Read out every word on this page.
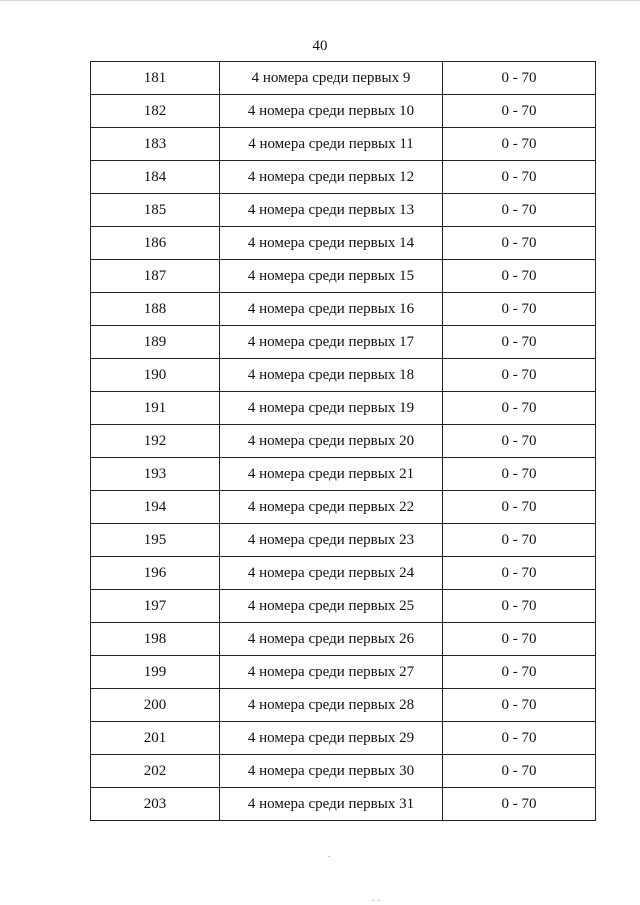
40
181	4 номера среди первых 9	0 - 70
182	4 номера среди первых 10	0 - 70
183	4 номера среди первых 11	0 - 70
184	4 номера среди первых 12	0 - 70
185	4 номера среди первых 13	0 - 70
186	4 номера среди первых 14	0 - 70
187	4 номера среди первых 15	0 - 70
188	4 номера среди первых 16	0 - 70
189	4 номера среди первых 17	0 - 70
190	4 номера среди первых 18	0 - 70
191	4 номера среди первых 19	0 - 70
192	4 номера среди первых 20	0 - 70
193	4 номера среди первых 21	0 - 70
194	4 номера среди первых 22	0 - 70
195	4 номера среди первых 23	0 - 70
196	4 номера среди первых 24	0 - 70
197	4 номера среди первых 25	0 - 70
198	4 номера среди первых 26	0 - 70
199	4 номера среди первых 27	0 - 70
200	4 номера среди первых 28	0 - 70
201	4 номера среди первых 29	0 - 70
202	4 номера среди первых 30	0 - 70
203	4 номера среди первых 31	0 - 70
